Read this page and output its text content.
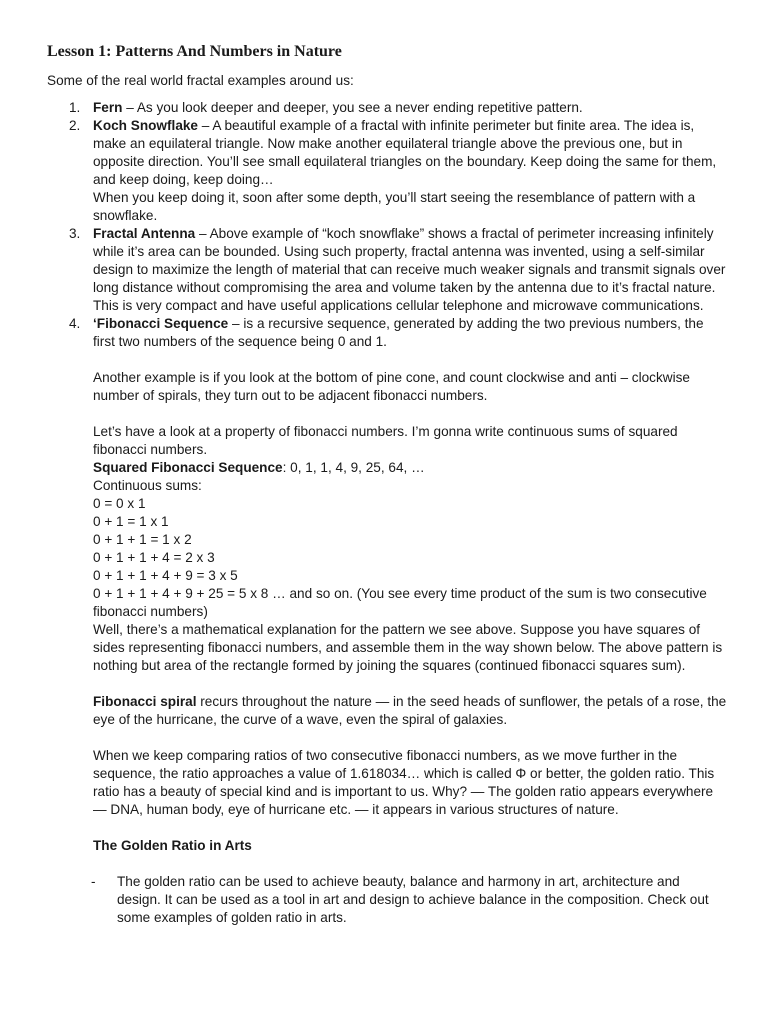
Lesson 1: Patterns And Numbers in Nature

Some of the real world fractal examples around us:

1. Fern – As you look deeper and deeper, you see a never ending repetitive pattern.
2. Koch Snowflake – A beautiful example of a fractal with infinite perimeter but finite area. The idea is, make an equilateral triangle. Now make another equilateral triangle above the previous one, but in opposite direction. You’ll see small equilateral triangles on the boundary. Keep doing the same for them, and keep doing, keep doing…

When you keep doing it, soon after some depth, you’ll start seeing the resemblance of pattern with a snowflake.

3. Fractal Antenna – Above example of “koch snowflake” shows a fractal of perimeter increasing infinitely while it’s area can be bounded. Using such property, fractal antenna was invented, using a self-similar design to maximize the length of material that can receive much weaker signals and transmit signals over long distance without compromising the area and volume taken by the antenna due to it’s fractal nature. This is very compact and have useful applications cellular telephone and microwave communications.
4. ‘Fibonacci Sequence – is a recursive sequence, generated by adding the two previous numbers, the first two numbers of the sequence being 0 and 1.

Another example is if you look at the bottom of pine cone, and count clockwise and anti – clockwise number of spirals, they turn out to be adjacent fibonacci numbers.

Let’s have a look at a property of fibonacci numbers. I’m gonna write continuous sums of squared fibonacci numbers.

Squared Fibonacci Sequence: 0, 1, 1, 4, 9, 25, 64, …

Continuous sums:

0 = 0 x 1

0 + 1 = 1 x 1

0 + 1 + 1 = 1 x 2

0 + 1 + 1 + 4 = 2 x 3

0 + 1 + 1 + 4 + 9 = 3 x 5

0 + 1 + 1 + 4 + 9 + 25 = 5 x 8 … and so on. (You see every time product of the sum is two consecutive fibonacci numbers)

Well, there’s a mathematical explanation for the pattern we see above. Suppose you have squares of sides representing fibonacci numbers, and assemble them in the way shown below. The above pattern is nothing but area of the rectangle formed by joining the squares (continued fibonacci squares sum).

Fibonacci spiral recurs throughout the nature — in the seed heads of sunflower, the petals of a rose, the eye of the hurricane, the curve of a wave, even the spiral of galaxies.

When we keep comparing ratios of two consecutive fibonacci numbers, as we move further in the sequence, the ratio approaches a value of 1.618034… which is called Φ or better, the golden ratio. This ratio has a beauty of special kind and is important to us. Why? — The golden ratio appears everywhere — DNA, human body, eye of hurricane etc. — it appears in various structures of nature.

The Golden Ratio in Arts

- The golden ratio can be used to achieve beauty, balance and harmony in art, architecture and design. It can be used as a tool in art and design to achieve balance in the composition. Check out some examples of golden ratio in arts.
